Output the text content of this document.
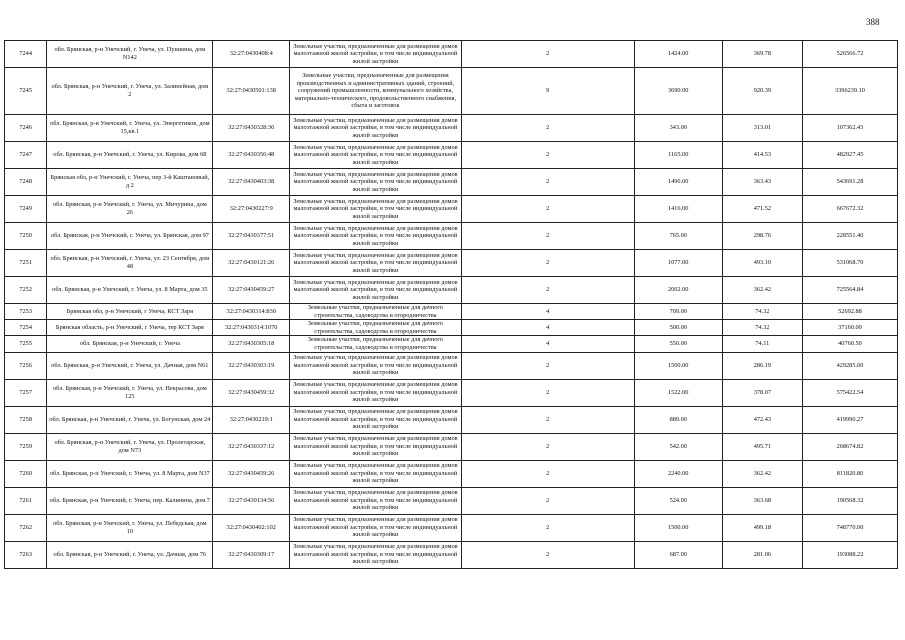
388
7244	обл. Брянская, р-н Унечский, г. Унеча, ул. Пушкина, дом N142	32:27:0430408:4	Земельные участки, предназначенные для размещения домов малоэтажной жилой застройки, в том числе индивидуальной жилой застройки	2	1424.00	369.78	526566.72
7245	обл. Брянская, р-н Унечский, г. Унеча, ул. Залинейная, дом 2	32:27:0430501:138	Земельные участки, предназначенные для размещения производственных и административных зданий, строений, сооружений промышленности, коммунального хозяйства, материально-технического, продовольственного снабжения, сбыта и заготовок	9	3690.00	920.39	3396239.10
7246	обл. Брянская, р-н Унечский, г. Унеча, ул. Энергетиков, дом 15,кв.1	32:27:0430328:36	Земельные участки, предназначенные для размещения домов малоэтажной жилой застройки, в том числе индивидуальной жилой застройки	2	343.00	313.01	107362.43
7247	обл. Брянская, р-н Унечский, г. Унеча, ул. Кирова, дом 68	32:27:0430356:48	Земельные участки, предназначенные для размещения домов малоэтажной жилой застройки, в том числе индивидуальной жилой застройки	2	1165.00	414.53	482927.45
7248	Брянская обл, р-н Унечский, г. Унеча, пер 3-й Каштановый, д 2	32:27:0430403:38	Земельные участки, предназначенные для размещения домов малоэтажной жилой застройки, в том числе индивидуальной жилой застройки	2	1496.00	363.43	543691.28
7249	обл. Брянская, р-н Унечский, г. Унеча, ул. Мичурина, дом 26	32:27:0430227:9	Земельные участки, предназначенные для размещения домов малоэтажной жилой застройки, в том числе индивидуальной жилой застройки	2	1416.00	471.52	667672.32
7250	обл. Брянская, р-н Унечский, г. Унеча, ул. Брянская, дом 97	32:27:0430377:51	Земельные участки, предназначенные для размещения домов малоэтажной жилой застройки, в том числе индивидуальной жилой застройки	2	765.00	298.76	228551.40
7251	обл. Брянская, р-н Унечский, г. Унеча, ул. 23 Сентября, дом 48	32:27:0430121:26	Земельные участки, предназначенные для размещения домов малоэтажной жилой застройки, в том числе индивидуальной жилой застройки	2	1077.00	493.10	531068.70
7252	обл. Брянская, р-н Унечский, г. Унеча, ул. 8 Марта, дом 35	32:27:0430459:27	Земельные участки, предназначенные для размещения домов малоэтажной жилой застройки, в том числе индивидуальной жилой застройки	2	2002.00	362.42	725564.84
7253	Брянская обл, р-н Унечский, г Унеча, КСТ Заря	32:27:0430314:830	Земельные участки, предназначенные для дачного строительства, садоводства и огородничества	4	709.00	74.32	52692.88
7254	Брянская область, р-н Унечский, г Унеча, тер КСТ Заря	32:27:0430314:1070	Земельные участки, предназначенные для дачного строительства, садоводства и огородничества	4	500.00	74.32	37160.00
7255	обл. Брянская, р-н Унечский, г. Унеча	32:27:0430305:18	Земельные участки, предназначенные для дачного строительства, садоводства и огородничества	4	550.00	74.11	40760.50
7256	обл. Брянская, р-н Унечский, г. Унеча, ул. Дачная, дом N61	32:27:0430303:19	Земельные участки, предназначенные для размещения домов малоэтажной жилой застройки, в том числе индивидуальной жилой застройки	2	1500.00	286.19	429285.00
7257	обл. Брянская, р-н Унечский, г. Унеча, ул. Некрасова, дом 125	32:27:0430459:32	Земельные участки, предназначенные для размещения домов малоэтажной жилой застройки, в том числе индивидуальной жилой застройки	2	1522.00	378.07	575422.54
7258	обл. Брянская, р-н Унечский, г. Унеча, ул. Богунская, дом 24	32:27:0430219:1	Земельные участки, предназначенные для размещения домов малоэтажной жилой застройки, в том числе индивидуальной жилой застройки	2	889.00	472.43	419990.27
7259	обл. Брянская, р-н Унечский, г. Унеча, ул. Пролетарская, дом N73	32:27:0430337:12	Земельные участки, предназначенные для размещения домов малоэтажной жилой застройки, в том числе индивидуальной жилой застройки	2	542.00	495.71	268674.82
7260	обл. Брянская, р-н Унечский, г. Унеча, ул. 8 Марта, дом N37	32:27:0430459:26	Земельные участки, предназначенные для размещения домов малоэтажной жилой застройки, в том числе индивидуальной жилой застройки	2	2240.00	362.42	811820.80
7261	обл. Брянская, р-н Унечский, г. Унеча, пер. Калинина, дом 7	32:27:0430134:56	Земельные участки, предназначенные для размещения домов малоэтажной жилой застройки, в том числе индивидуальной жилой застройки	2	524.00	363.68	190568.32
7262	обл. Брянская, р-н Унечский, г. Унеча, ул. Пебедская, дом 10	32:27:0430402:102	Земельные участки, предназначенные для размещения домов малоэтажной жилой застройки, в том числе индивидуальной жилой застройки	2	1500.00	499.18	748770.00
7263	обл. Брянская, р-н Унечский, г. Унеча, ул. Дачная, дом 76	32:27:0430309:17	Земельные участки, предназначенные для размещения домов малоэтажной жилой застройки, в том числе индивидуальной жилой застройки	2	687.00	281.06	193088.22
